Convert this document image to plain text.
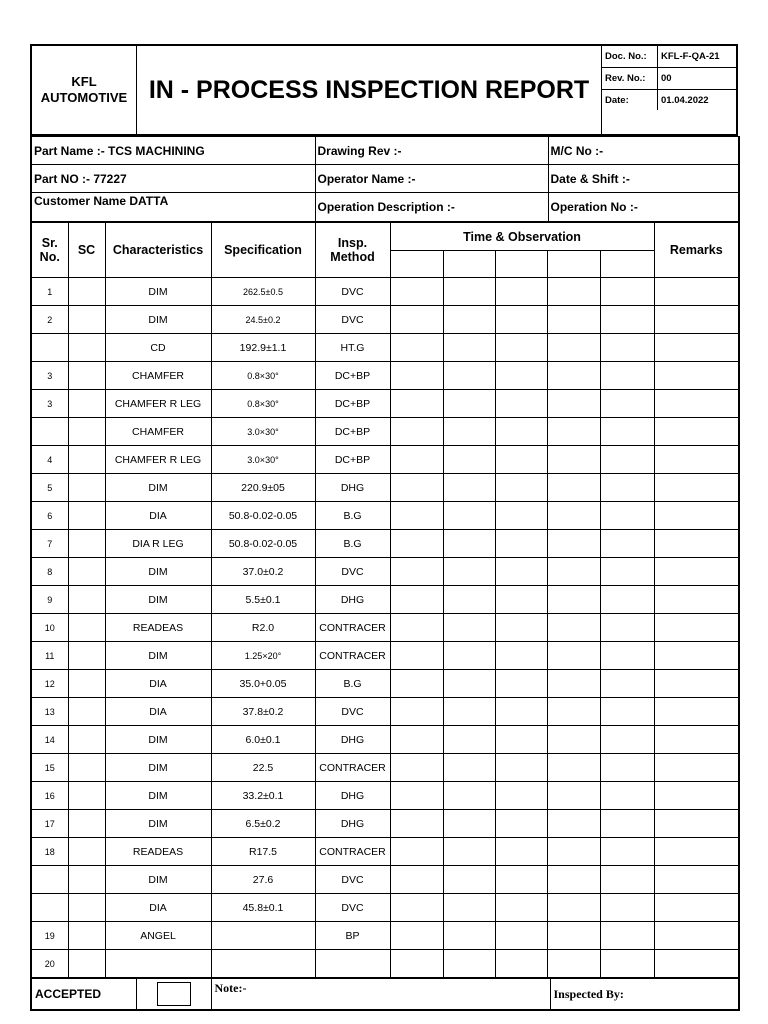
KFL
AUTOMOTIVE IN - PROCESS INSPECTION REPORT
Doc. No.:	KFL-F-QA-21
Rev. No.:	00
Date:	01.04.2022
Part Name :- TCS MACHINING	Drawing Rev :-	M/C No :-
Part NO :- 77227	Operator Name :-	Date & Shift :-
Customer Name DATTA	Operation Description :-	Operation No :-
Sr. No.	SC	Characteristics	Specification	Insp. Method	Time & Observation					Remarks

1		DIM	262.5±0.5	DVC						
2		DIM	24.5±0.2	DVC						
		CD	192.9±1.1	HT.G						
3		CHAMFER	0.8×30°	DC+BP						
3		CHAMFER R LEG	0.8×30°	DC+BP						
		CHAMFER	3.0×30°	DC+BP						
4		CHAMFER R LEG	3.0×30°	DC+BP						
5		DIM	220.9±05	DHG						
6		DIA	50.8-0.02-0.05	B.G						
7		DIA R LEG	50.8-0.02-0.05	B.G						
8		DIM	37.0±0.2	DVC						
9		DIM	5.5±0.1	DHG						
10		READEAS	R2.0	CONTRACER						
11		DIM	1.25×20°	CONTRACER						
12		DIA	35.0+0.05	B.G						
13		DIA	37.8±0.2	DVC						
14		DIM	6.0±0.1	DHG						
15		DIM	22.5	CONTRACER						
16		DIM	33.2±0.1	DHG						
17		DIM	6.5±0.2	DHG						
18		READEAS	R17.5	CONTRACER						
		DIM	27.6	DVC						
		DIA	45.8±0.1	DVC						
19		ANGEL		BP						
20										
ACCEPTED		Note:-	Inspected By:
